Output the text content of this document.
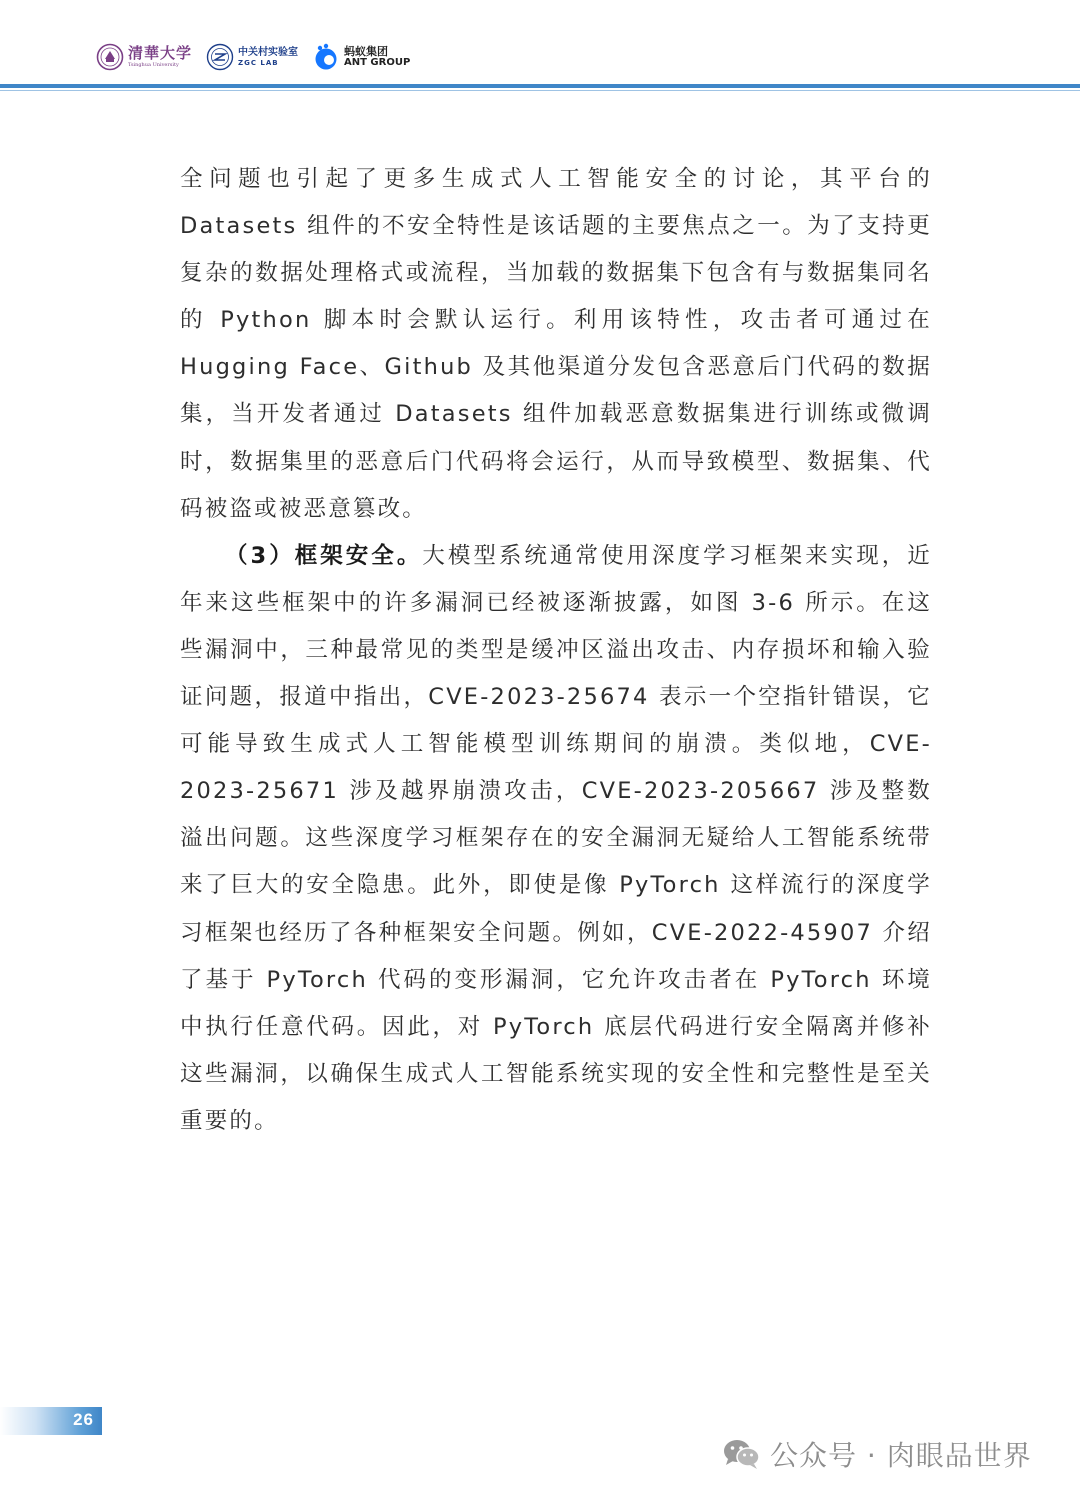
清華大学
Tsinghua University
中关村实验室
ZGC LAB
蚂蚁集团
ANT GROUP

全问题也引起了更多生成式人工智能安全的讨论，其平台的 Datasets 组件的不安全特性是该话题的主要焦点之一。为了支持更复杂的数据处理格式或流程，当加载的数据集下包含有与数据集同名的 Python 脚本时会默认运行。利用该特性，攻击者可通过在 Hugging Face、Github 及其他渠道分发包含恶意后门代码的数据集，当开发者通过 Datasets 组件加载恶意数据集进行训练或微调时，数据集里的恶意后门代码将会运行，从而导致模型、数据集、代码被盗或被恶意篡改。

（3）框架安全。大模型系统通常使用深度学习框架来实现，近年来这些框架中的许多漏洞已经被逐渐披露，如图 3-6 所示。在这些漏洞中，三种最常见的类型是缓冲区溢出攻击、内存损坏和输入验证问题，报道中指出，CVE-2023-25674 表示一个空指针错误，它可能导致生成式人工智能模型训练期间的崩溃。类似地，CVE-2023-25671 涉及越界崩溃攻击，CVE-2023-205667 涉及整数溢出问题。这些深度学习框架存在的安全漏洞无疑给人工智能系统带来了巨大的安全隐患。此外，即使是像 PyTorch 这样流行的深度学习框架也经历了各种框架安全问题。例如，CVE-2022-45907 介绍了基于 PyTorch 代码的变形漏洞，它允许攻击者在 PyTorch 环境中执行任意代码。因此，对 PyTorch 底层代码进行安全隔离并修补这些漏洞，以确保生成式人工智能系统实现的安全性和完整性是至关重要的。

26
公众号 · 肉眼品世界
